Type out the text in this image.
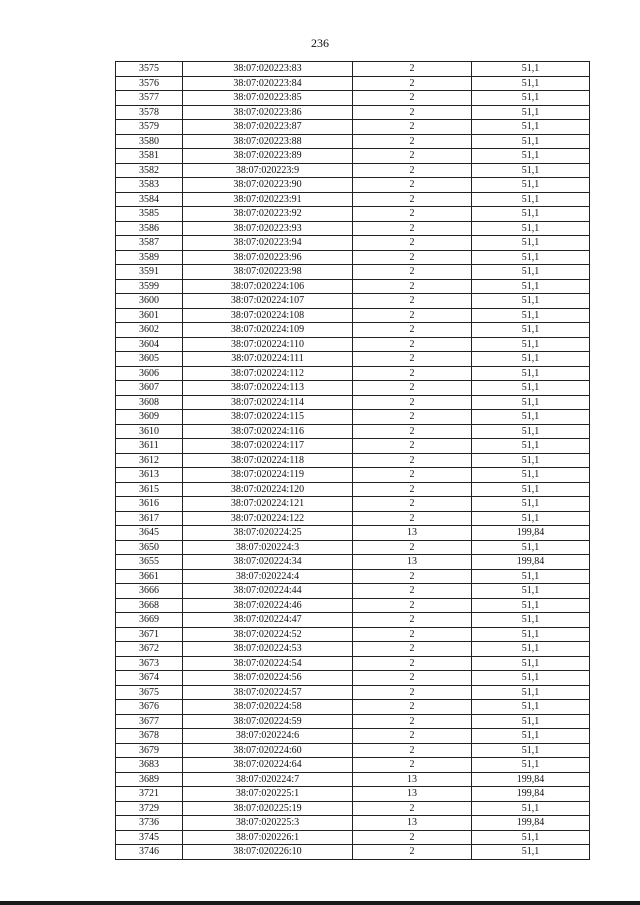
236
3575	38:07:020223:83	2	51,1
3576	38:07:020223:84	2	51,1
3577	38:07:020223:85	2	51,1
3578	38:07:020223:86	2	51,1
3579	38:07:020223:87	2	51,1
3580	38:07:020223:88	2	51,1
3581	38:07:020223:89	2	51,1
3582	38:07:020223:9	2	51,1
3583	38:07:020223:90	2	51,1
3584	38:07:020223:91	2	51,1
3585	38:07:020223:92	2	51,1
3586	38:07:020223:93	2	51,1
3587	38:07:020223:94	2	51,1
3589	38:07:020223:96	2	51,1
3591	38:07:020223:98	2	51,1
3599	38:07:020224:106	2	51,1
3600	38:07:020224:107	2	51,1
3601	38:07:020224:108	2	51,1
3602	38:07:020224:109	2	51,1
3604	38:07:020224:110	2	51,1
3605	38:07:020224:111	2	51,1
3606	38:07:020224:112	2	51,1
3607	38:07:020224:113	2	51,1
3608	38:07:020224:114	2	51,1
3609	38:07:020224:115	2	51,1
3610	38:07:020224:116	2	51,1
3611	38:07:020224:117	2	51,1
3612	38:07:020224:118	2	51,1
3613	38:07:020224:119	2	51,1
3615	38:07:020224:120	2	51,1
3616	38:07:020224:121	2	51,1
3617	38:07:020224:122	2	51,1
3645	38:07:020224:25	13	199,84
3650	38:07:020224:3	2	51,1
3655	38:07:020224:34	13	199,84
3661	38:07:020224:4	2	51,1
3666	38:07:020224:44	2	51,1
3668	38:07:020224:46	2	51,1
3669	38:07:020224:47	2	51,1
3671	38:07:020224:52	2	51,1
3672	38:07:020224:53	2	51,1
3673	38:07:020224:54	2	51,1
3674	38:07:020224:56	2	51,1
3675	38:07:020224:57	2	51,1
3676	38:07:020224:58	2	51,1
3677	38:07:020224:59	2	51,1
3678	38:07:020224:6	2	51,1
3679	38:07:020224:60	2	51,1
3683	38:07:020224:64	2	51,1
3689	38:07:020224:7	13	199,84
3721	38:07:020225:1	13	199,84
3729	38:07:020225:19	2	51,1
3736	38:07:020225:3	13	199,84
3745	38:07:020226:1	2	51,1
3746	38:07:020226:10	2	51,1
